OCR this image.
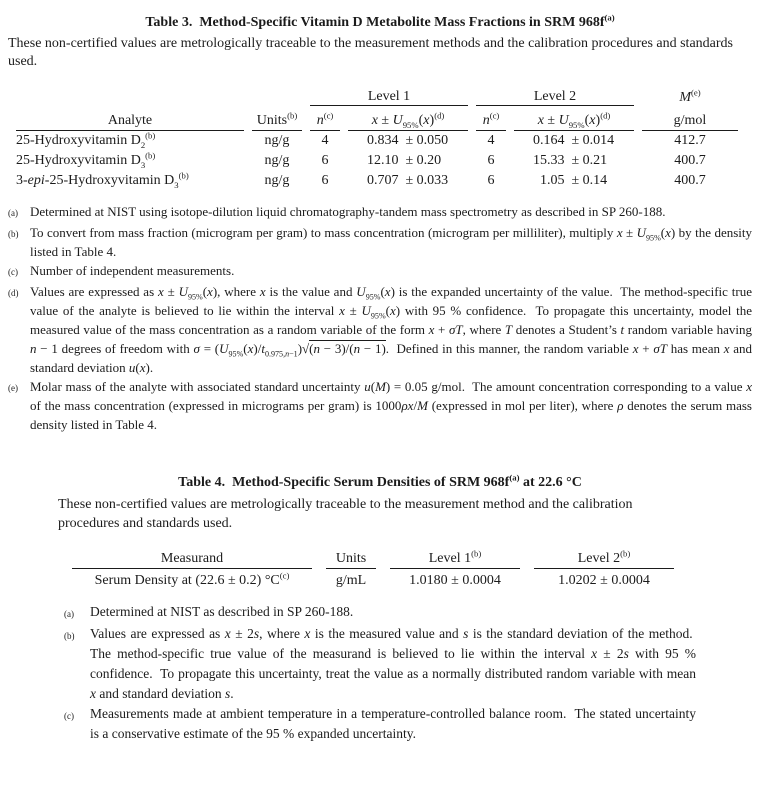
Table 3.  Method-Specific Vitamin D Metabolite Mass Fractions in SRM $968f^{(a)}$
These non-certified values are metrologically traceable to the measurement methods and the calibration procedures and standards used.
		Level 1		Level 2		$M^{(e)}$
Analyte	Units$^{(b)}$	$n^{(c)}$	$x \pm U_{95\%}(x)^{(d)}$	$n^{(c)}$	$x \pm U_{95\%}(x)^{(d)}$	g/mol
25-Hydroxyvitamin $D_2^{(b)}$	ng/g	4	0.834 ± 0.050	4	0.164 ± 0.014	412.7
25-Hydroxyvitamin $D_3^{(b)}$	ng/g	6	12.10 ± 0.20	6	15.33 ± 0.21	400.7
3-epi-25-Hydroxyvitamin $D_3^{(b)}$	ng/g	6	0.707 ± 0.033	6	1.05 ± 0.14	400.7
(a) Determined at NIST using isotope-dilution liquid chromatography-tandem mass spectrometry as described in SP 260-188.
(b) To convert from mass fraction (microgram per gram) to mass concentration (microgram per milliliter), multiply $x \pm U_{95\%}(x)$ by the density listed in Table 4.
(c) Number of independent measurements.
(d) Values are expressed as $x \pm U_{95\%}(x)$, where x is the value and $U_{95\%}(x)$ is the expanded uncertainty of the value.  The method-specific true value of the analyte is believed to lie within the interval $x \pm U_{95\%}(x)$ with 95 % confidence.  To propagate this uncertainty, model the measured value of the mass concentration as a random variable of the form x + σT, where T denotes a Student’s t random variable having n − 1 degrees of freedom with $\sigma = (U_{95\%}(x)/t_{0.975,n-1})√(n - 3)/(n - 1)$.  Defined in this manner, the random variable x + σT has mean x and standard deviation u(x).
(e) Molar mass of the analyte with associated standard uncertainty u(M) = 0.05 g/mol.  The amount concentration corresponding to a value x of the mass concentration (expressed in micrograms per gram) is 1000ρx/M (expressed in mol per liter), where ρ denotes the serum mass density listed in Table 4.
Table 4.  Method-Specific Serum Densities of SRM $968f^{(a)}$ at 22.6 °C
These non-certified values are metrologically traceable to the measurement method and the calibration procedures and standards used.
Measurand	Units	Level 1$^{(b)}$	Level 2$^{(b)}$
Serum Density at (22.6 ± 0.2) $^\circ C^{(c)}$	g/mL	1.0180 ± 0.0004	1.0202 ± 0.0004
(a)	Determined at NIST as described in SP 260-188.
(b)	Values are expressed as x ± 2s, where x is the measured value and s is the standard deviation of the method.  The method-specific true value of the measurand is believed to lie within the interval x ± 2s with 95 % confidence.  To propagate this uncertainty, treat the value as a normally distributed random variable with mean x and standard deviation s.
(c)	Measurements made at ambient temperature in a temperature-controlled balance room.  The stated uncertainty is a conservative estimate of the 95 % expanded uncertainty.
